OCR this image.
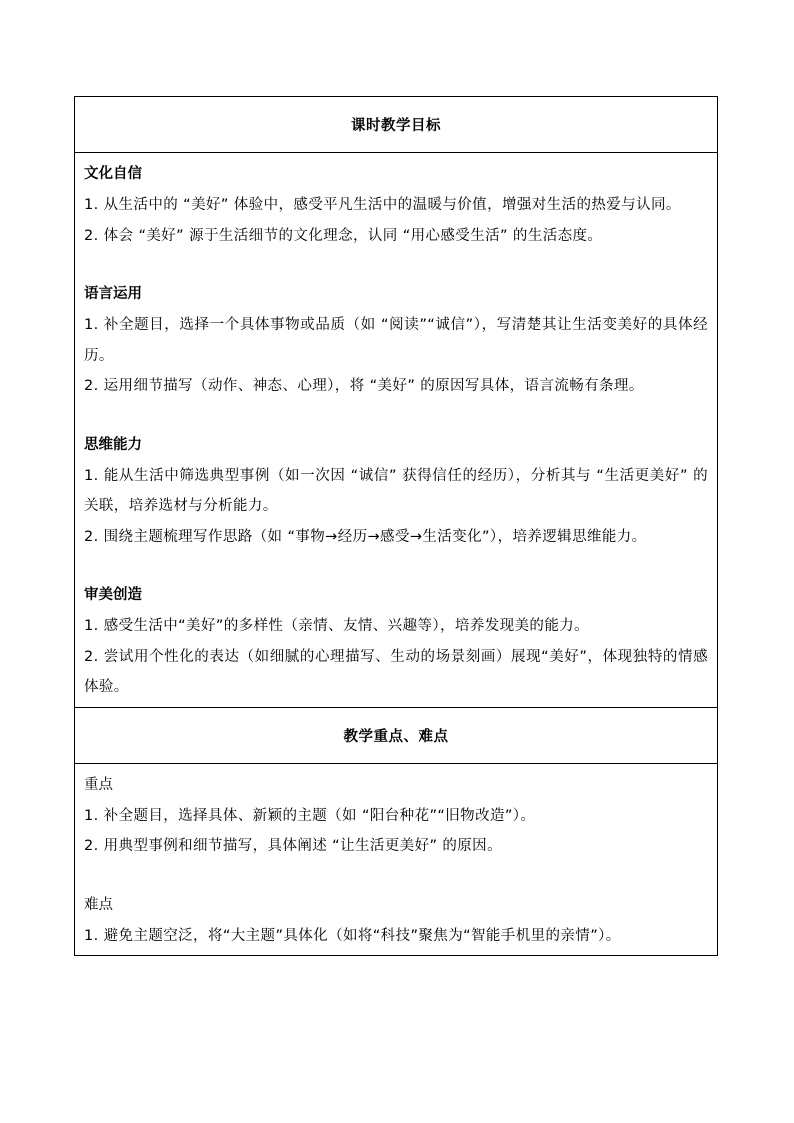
课时教学目标
文化自信
1. 从生活中的 “美好” 体验中，感受平凡生活中的温暖与价值，增强对生活的热爱与认同。
2. 体会 “美好” 源于生活细节的文化理念，认同 “用心感受生活” 的生活态度。
语言运用
1. 补全题目，选择一个具体事物或品质（如 “阅读”“诚信”），写清楚其让生活变美好的具体经历。
2. 运用细节描写（动作、神态、心理），将 “美好” 的原因写具体，语言流畅有条理。
思维能力
1. 能从生活中筛选典型事例（如一次因 “诚信” 获得信任的经历），分析其与 “生活更美好” 的关联，培养选材与分析能力。
2. 围绕主题梳理写作思路（如 “事物→经历→感受→生活变化”），培养逻辑思维能力。
审美创造
1. 感受生活中“美好”的多样性（亲情、友情、兴趣等），培养发现美的能力。
2. 尝试用个性化的表达（如细腻的心理描写、生动的场景刻画）展现“美好”，体现独特的情感体验。
教学重点、难点
重点
1. 补全题目，选择具体、新颖的主题（如 “阳台种花”“旧物改造”）。
2. 用典型事例和细节描写，具体阐述 “让生活更美好” 的原因。
难点
1. 避免主题空泛，将“大主题”具体化（如将“科技”聚焦为“智能手机里的亲情”）。
